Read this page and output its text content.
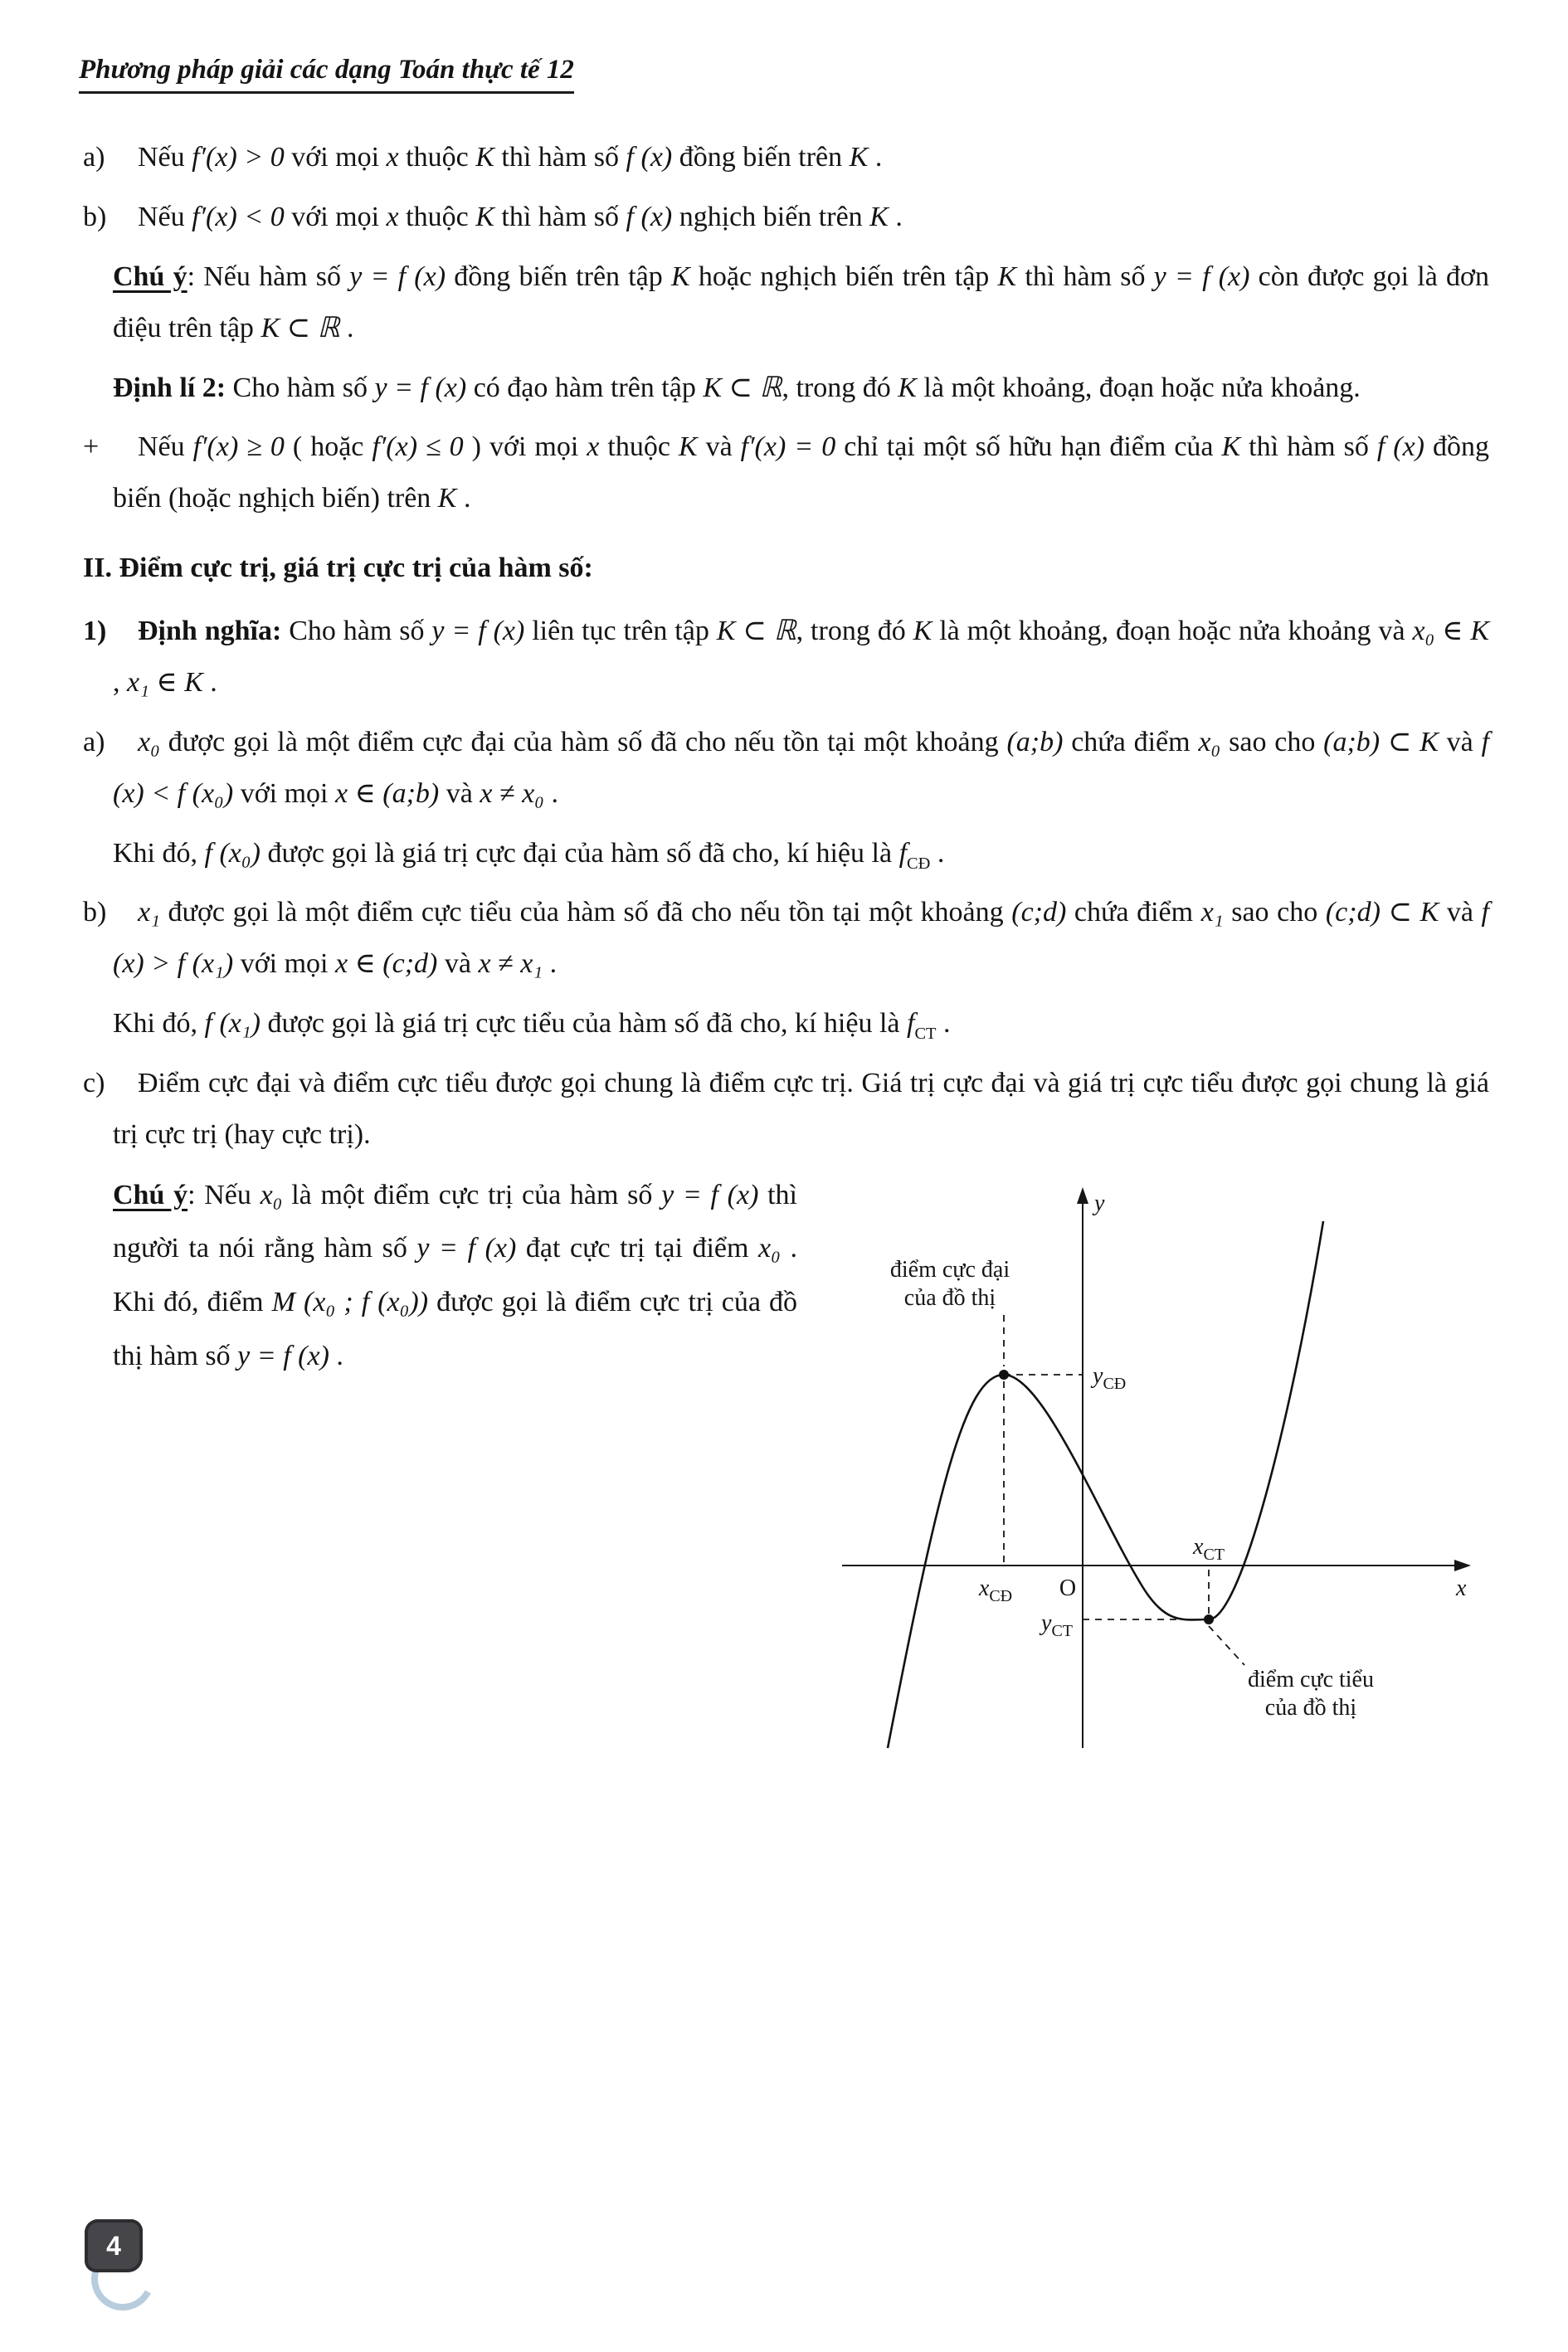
Phương pháp giải các dạng Toán thực tế 12
a) Nếu f′(x) > 0 với mọi x thuộc K thì hàm số f (x) đồng biến trên K .
b) Nếu f′(x) < 0 với mọi x thuộc K thì hàm số f (x) nghịch biến trên K .
Chú ý: Nếu hàm số y = f (x) đồng biến trên tập K hoặc nghịch biến trên tập K thì hàm số y = f (x) còn được gọi là đơn điệu trên tập K ⊂ ℝ .
Định lí 2: Cho hàm số y = f (x) có đạo hàm trên tập K ⊂ ℝ, trong đó K là một khoảng, đoạn hoặc nửa khoảng.
+ Nếu f′(x) ≥ 0 ( hoặc f′(x) ≤ 0 ) với mọi x thuộc K và f′(x) = 0 chỉ tại một số hữu hạn điểm của K thì hàm số f (x) đồng biến (hoặc nghịch biến) trên K .
II. Điểm cực trị, giá trị cực trị của hàm số:
1) Định nghĩa: Cho hàm số y = f (x) liên tục trên tập K ⊂ ℝ, trong đó K là một khoảng, đoạn hoặc nửa khoảng và x₀ ∈ K , x₁ ∈ K .
a) x₀ được gọi là một điểm cực đại của hàm số đã cho nếu tồn tại một khoảng (a;b) chứa điểm x₀ sao cho (a;b) ⊂ K và f (x) < f (x₀) với mọi x ∈ (a;b) và x ≠ x₀ .
Khi đó, f (x₀) được gọi là giá trị cực đại của hàm số đã cho, kí hiệu là $f_{CĐ}$ .
b) x₁ được gọi là một điểm cực tiểu của hàm số đã cho nếu tồn tại một khoảng (c;d) chứa điểm x₁ sao cho (c;d) ⊂ K và f (x) > f (x₁) với mọi x ∈ (c;d) và x ≠ x₁ .
Khi đó, f (x₁) được gọi là giá trị cực tiểu của hàm số đã cho, kí hiệu là $f_{CT}$ .
c) Điểm cực đại và điểm cực tiểu được gọi chung là điểm cực trị. Giá trị cực đại và giá trị cực tiểu được gọi chung là giá trị cực trị (hay cực trị).
y
x
O
điểm cực đại
của đồ thị
điểm cực tiểu
của đồ thị
$y_{CĐ}$
$x_{CĐ}$
$x_{CT}$
$y_{CT}$
Chú ý: Nếu x₀ là một điểm cực trị của hàm số y = f (x) thì người ta nói rằng hàm số y = f (x) đạt cực trị tại điểm x₀ . Khi đó, điểm M (x₀ ; f (x₀)) được gọi là điểm cực trị của đồ thị hàm số y = f (x) .
4
